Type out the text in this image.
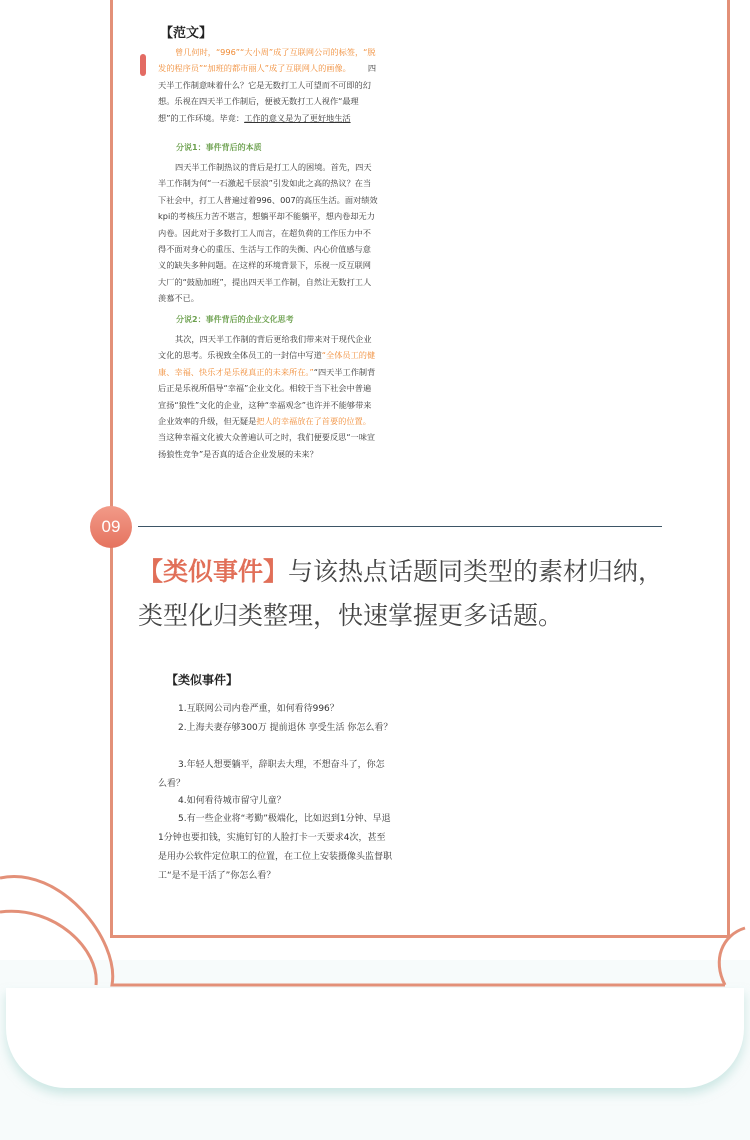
【范文】

曾几何时，“996”“大小周”成了互联网公司的标签，“脱发的程序员”“加班的都市丽人”成了互联网人的画像。 四天半工作制意味着什么？它是无数打工人可望而不可即的幻想。乐视在四天半工作制后，便被无数打工人视作“最理想”的工作环境。毕竟：工作的意义是为了更好地生活

分说1：事件背后的本质

四天半工作制热议的背后是打工人的困境。首先，四天半工作制为何“一石激起千层浪”引发如此之高的热议？在当下社会中，打工人普遍过着996、007的高压生活。面对绩效kpi的考核压力苦不堪言，想躺平却不能躺平，想内卷却无力内卷。因此对于多数打工人而言，在超负荷的工作压力中不得不面对身心的重压、生活与工作的失衡、内心价值感与意义的缺失多种问题。在这样的环境背景下，乐视一反互联网大厂的“鼓励加班”，提出四天半工作制，自然让无数打工人羡慕不已。

分说2：事件背后的企业文化思考

其次，四天半工作制的背后更给我们带来对于现代企业文化的思考。乐视致全体员工的一封信中写道“全体员工的健康、幸福、快乐才是乐视真正的未来所在。”“四天半工作制背后正是乐视所倡导“幸福”企业文化。相较于当下社会中普遍宣扬“狼性”文化的企业，这种“幸福观念”也许并不能够带来企业效率的升级，但无疑是把人的幸福放在了首要的位置。当这种幸福文化被大众普遍认可之时，我们便要反思“一味宣扬狼性竞争”是否真的适合企业发展的未来？

09

【类似事件】与该热点话题同类型的素材归纳，
类型化归类整理，快速掌握更多话题。

【类似事件】

1.互联网公司内卷严重，如何看待996？

2.上海夫妻存够300万 提前退休 享受生活 你怎么看？

3.年轻人想要躺平，辞职去大理，不想奋斗了，你怎么看？

4.如何看待城市留守儿童？

5.有一些企业将“考勤”极端化，比如迟到1分钟、早退1分钟也要扣钱，实施钉钉的人脸打卡一天要求4次，甚至是用办公软件定位职工的位置，在工位上安装摄像头监督职工“是不是干活了”你怎么看？
